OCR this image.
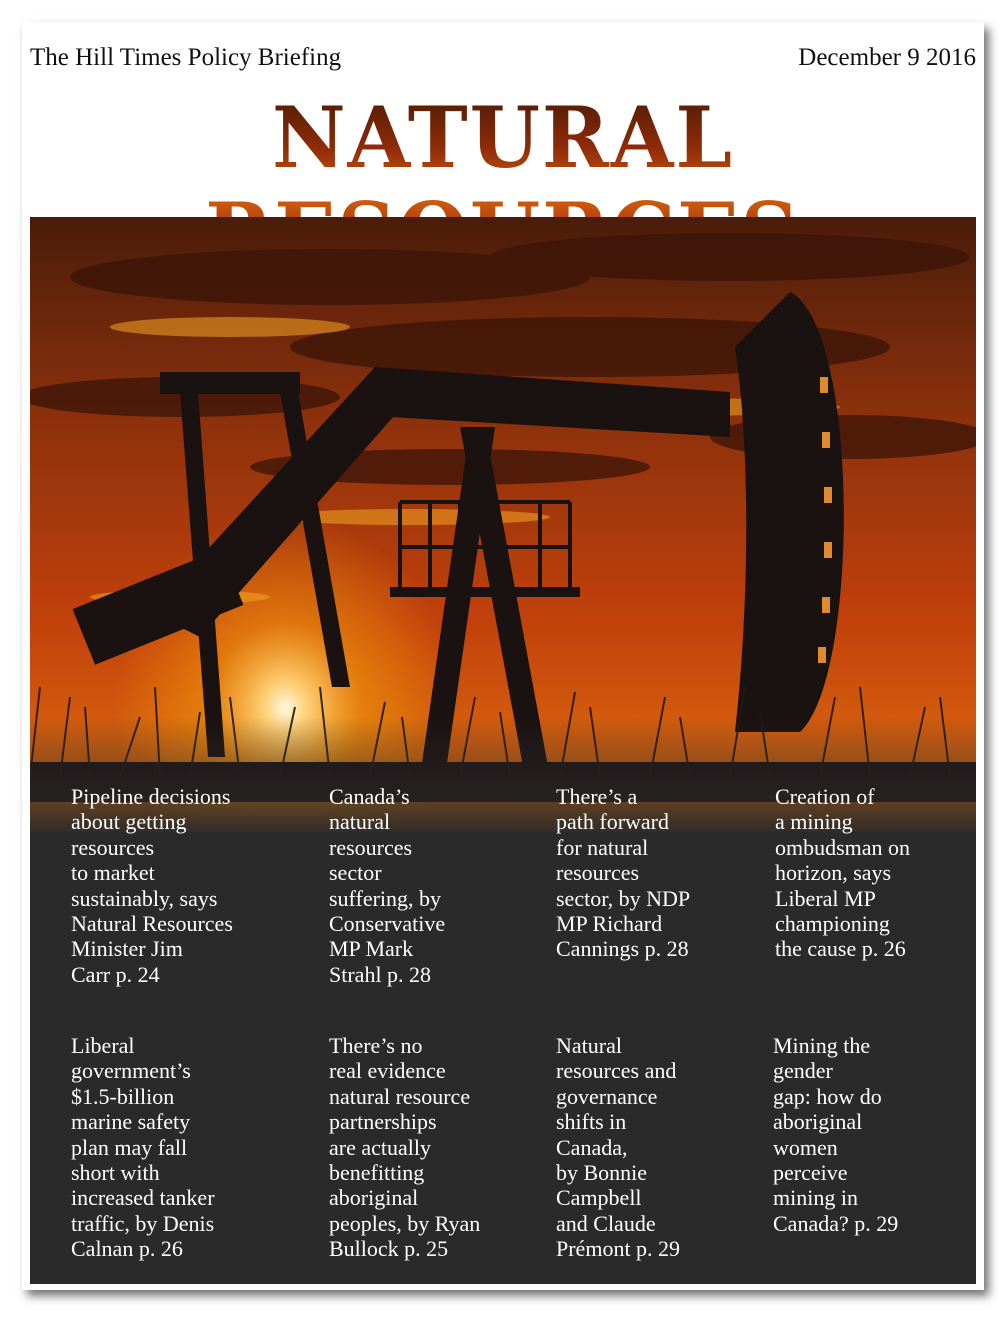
The Hill Times Policy Briefing	December 9 2016
NATURAL
Pipeline decisions
about getting
resources
to market
sustainably, says
Natural Resources
Minister Jim
Carr p. 24
Canada’s
natural
resources
sector
suffering, by
Conservative
MP Mark
Strahl p. 28
There’s a
path forward
for natural
resources
sector, by NDP
MP Richard
Cannings p. 28
Creation of
a mining
ombudsman on
horizon, says
Liberal MP
championing
the cause p. 26
Liberal
government’s
$1.5-billion
marine safety
plan may fall
short with
increased tanker
traffic, by Denis
Calnan p. 26
There’s no
real evidence
natural resource
partnerships
are actually
benefitting
aboriginal
peoples, by Ryan
Bullock p. 25
Natural
resources and
governance
shifts in
Canada,
by Bonnie
Campbell
and Claude
Prémont p. 29
Mining the
gender
gap: how do
aboriginal
women
perceive
mining in
Canada? p. 29
